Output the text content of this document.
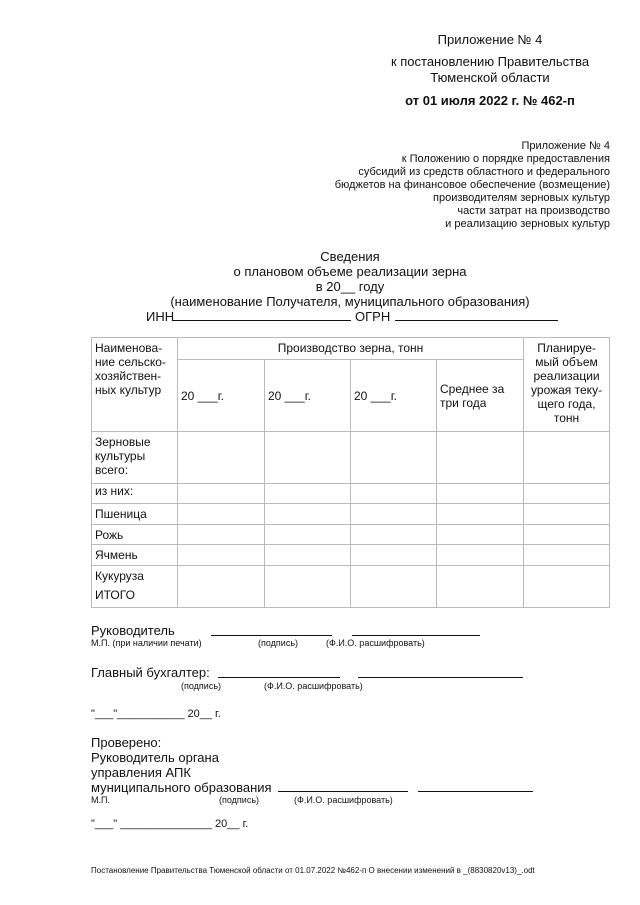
Приложение № 4
к постановлению Правительства
Тюменской области
от 01 июля 2022 г. № 462-п
Приложение № 4
к Положению о порядке предоставления
субсидий из средств областного и федерального
бюджетов на финансовое обеспечение (возмещение)
производителям зерновых культур
части затрат на производство
и реализацию зерновых культур
Сведения
о плановом объеме реализации зерна
в 20__ году
(наименование Получателя, муниципального образования)
ИНН	ОГРН
Наименова-ние сельско-хозяйствен-ных культур	Производство зерна, тонн				Планируе-мый объем реализации урожая теку-щего года, тонн
	20 ___г.	20 ___г.	20 ___г.	Среднее за три года	
Зерновые культуры всего:					
из них:					
Пшеница					
Рожь					
Ячмень					

Кукуруза
ИТОГО					

Руководитель
М.П. (при наличии печати)	(подпись)	(Ф.И.О. расшифровать)
Главный бухгалтер:
(подпись)	(Ф.И.О. расшифровать)
"___"___________ 20__ г.
Проверено:
Руководитель органа
управления АПК
муниципального образования
М.П.	(подпись)	(Ф.И.О. расшифровать)
"___" _______________ 20__ г.
Постановление Правительства Тюменской области от 01.07.2022 №462-п О внесении изменений в _(8830820v13)_.odt
